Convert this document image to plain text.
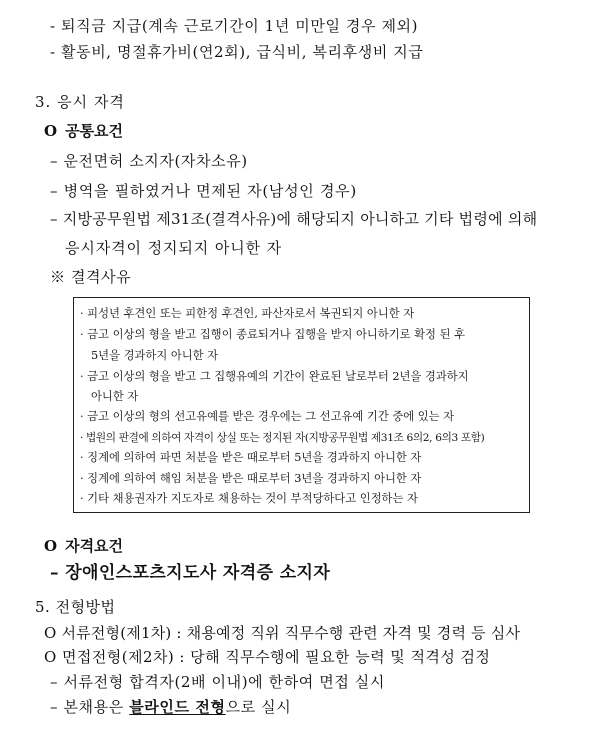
- 퇴직금 지급(계속 근로기간이 1년 미만일 경우 제외)
- 활동비, 명절휴가비(연2회), 급식비, 복리후생비 지급
3. 응시 자격
O 공통요건
– 운전면허 소지자(자차소유)
– 병역을 필하였거나 면제된 자(남성인 경우)
– 지방공무원법 제31조(결격사유)에 해당되지 아니하고 기타 법령에 의해
응시자격이 정지되지 아니한 자
※ 결격사유
· 피성년 후견인 또는 피한정 후견인, 파산자로서 복권되지 아니한 자
· 금고 이상의 형을 받고 집행이 종료되거나 집행을 받지 아니하기로 확정 된 후
5년을 경과하지 아니한 자
· 금고 이상의 형을 받고 그 집행유예의 기간이 완료된 날로부터 2년을 경과하지
아니한 자
· 금고 이상의 형의 선고유예를 받은 경우에는 그 선고유예 기간 중에 있는 자
· 법원의 판결에 의하여 자격이 상실 또는 정지된 자(지방공무원법 제31조 6의2, 6의3 포함)
· 징계에 의하여 파면 처분을 받은 때로부터 5년을 경과하지 아니한 자
· 징계에 의하여 해임 처분을 받은 때로부터 3년을 경과하지 아니한 자
· 기타 채용권자가 지도자로 채용하는 것이 부적당하다고 인정하는 자
O 자격요건
– 장애인스포츠지도사 자격증 소지자
5. 전형방법
O 서류전형(제1차) : 채용예정 직위 직무수행 관련 자격 및 경력 등 심사
O 면접전형(제2차) : 당해 직무수행에 필요한 능력 및 적격성 검정
– 서류전형 합격자(2배 이내)에 한하여 면접 실시
– 본채용은 블라인드 전형으로 실시
